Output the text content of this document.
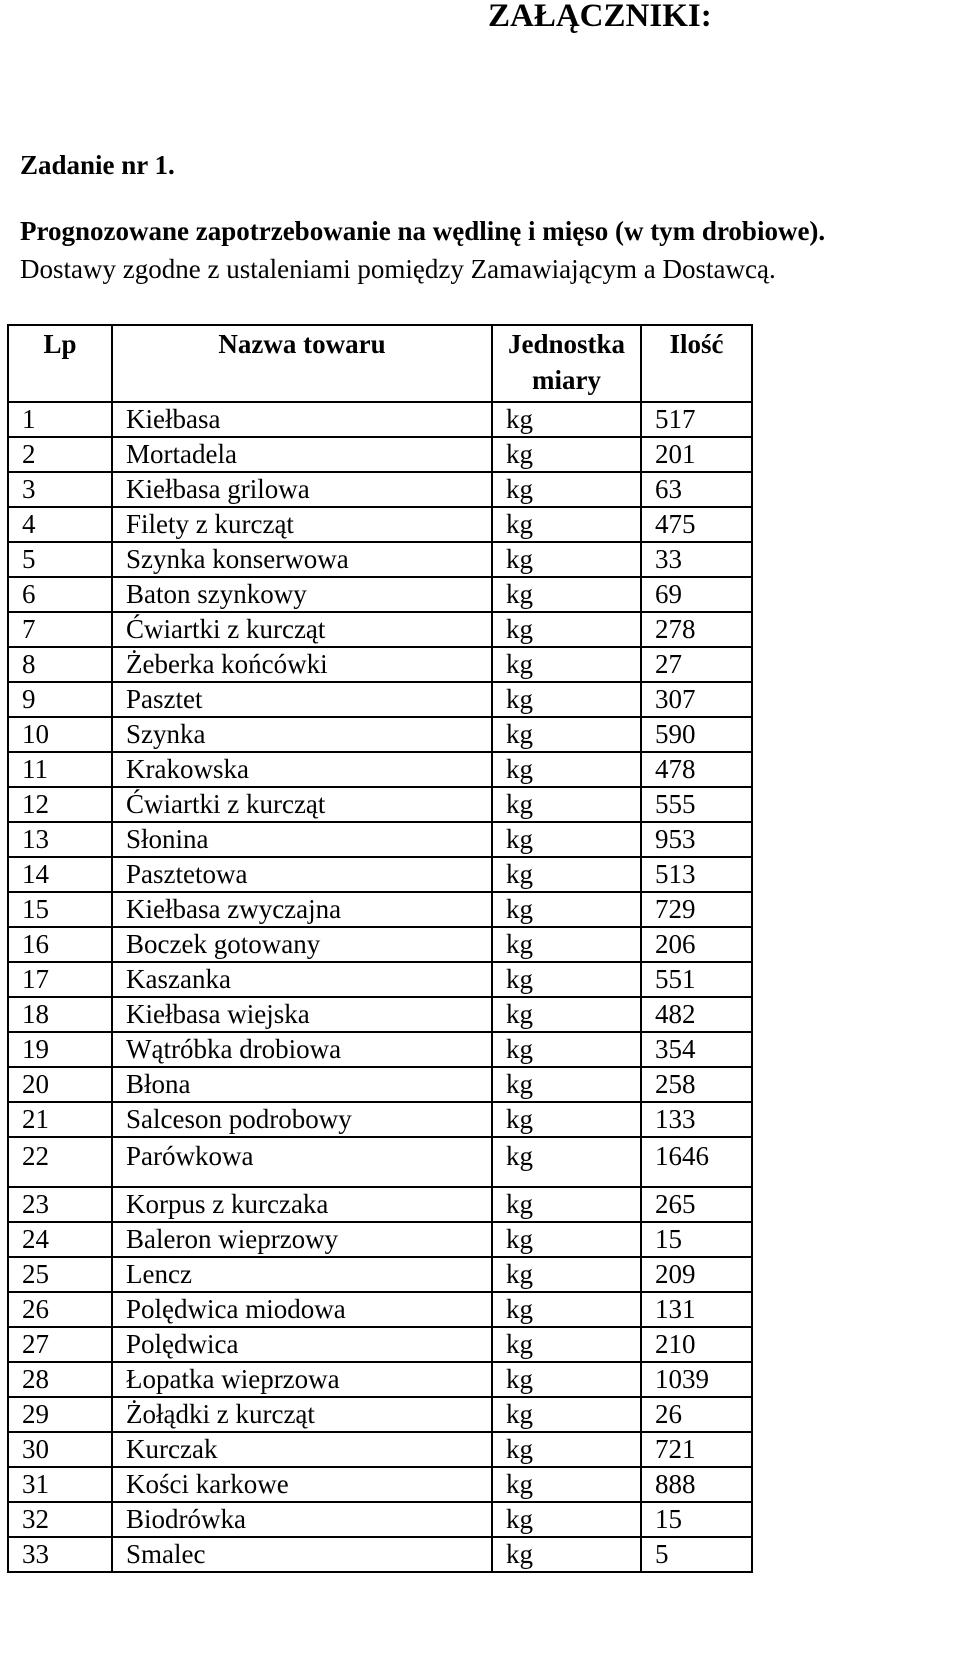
ZAŁĄCZNIKI:
Zadanie nr 1.
Prognozowane zapotrzebowanie na wędlinę i mięso (w tym drobiowe).
Dostawy zgodne z ustaleniami pomiędzy Zamawiającym a Dostawcą.
Lp	Nazwa towaru	Jednostka miary	Ilość
1	Kiełbasa	kg	517
2	Mortadela	kg	201
3	Kiełbasa grilowa	kg	63
4	Filety z kurcząt	kg	475
5	Szynka konserwowa	kg	33
6	Baton szynkowy	kg	69
7	Ćwiartki z kurcząt	kg	278
8	Żeberka końcówki	kg	27
9	Pasztet	kg	307
10	Szynka	kg	590
11	Krakowska	kg	478
12	Ćwiartki z kurcząt	kg	555
13	Słonina	kg	953
14	Pasztetowa	kg	513
15	Kiełbasa zwyczajna	kg	729
16	Boczek gotowany	kg	206
17	Kaszanka	kg	551
18	Kiełbasa wiejska	kg	482
19	Wątróbka drobiowa	kg	354
20	Błona	kg	258
21	Salceson podrobowy	kg	133
22	Parówkowa	kg	1646
23	Korpus z kurczaka	kg	265
24	Baleron wieprzowy	kg	15
25	Lencz	kg	209
26	Polędwica miodowa	kg	131
27	Polędwica	kg	210
28	Łopatka wieprzowa	kg	1039
29	Żołądki z kurcząt	kg	26
30	Kurczak	kg	721
31	Kości karkowe	kg	888
32	Biodrówka	kg	15
33	Smalec	kg	5
